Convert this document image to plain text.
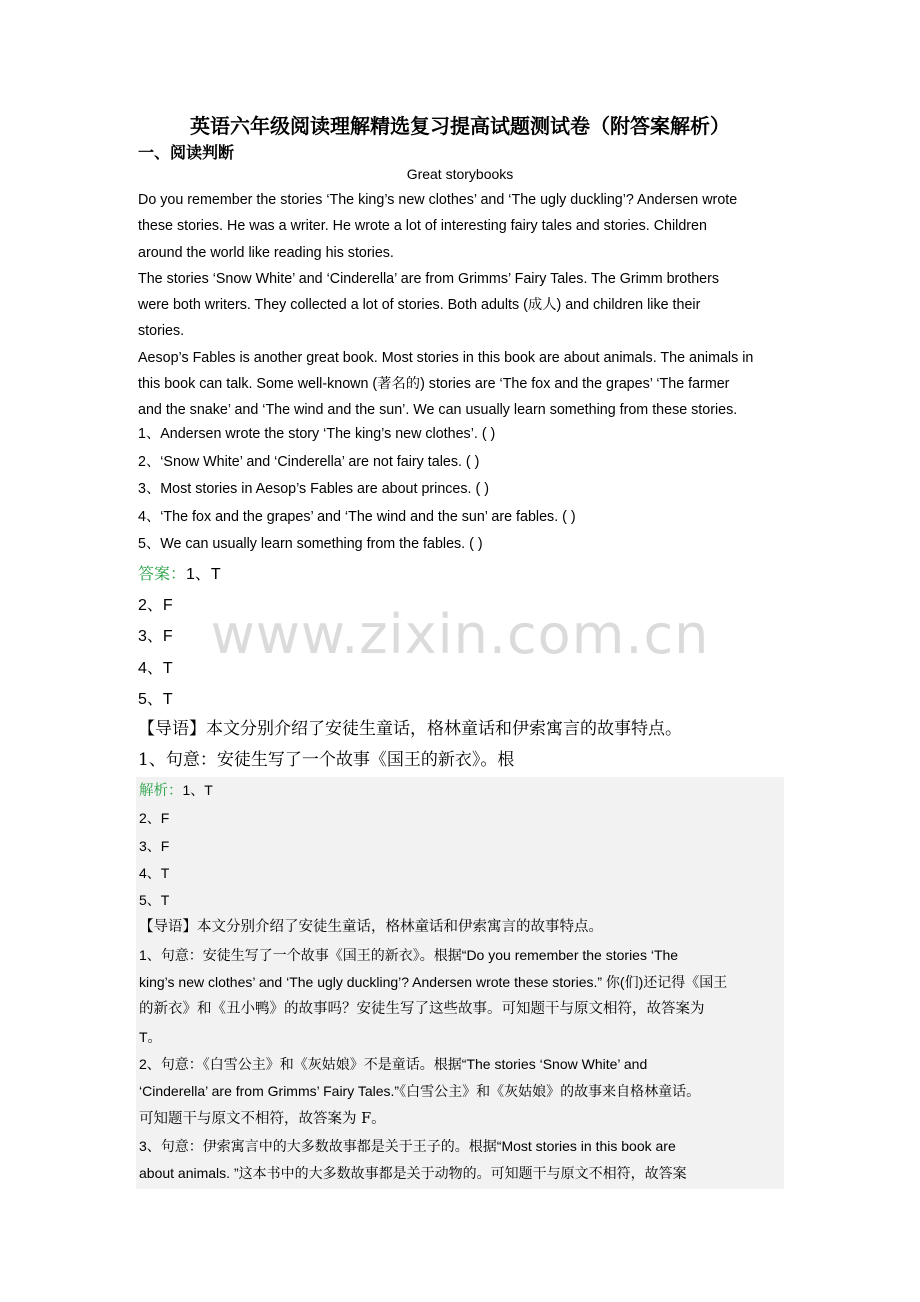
英语六年级阅读理解精选复习提高试题测试卷（附答案解析）
一、阅读判断
Great storybooks

Do you remember the stories ‘The king’s new clothes’ and ‘The ugly duckling’? Andersen wrote

these stories. He was a writer. He wrote a lot of interesting fairy tales and stories. Children

around the world like reading his stories.

The stories ‘Snow White’ and ‘Cinderella’ are from Grimms’ Fairy Tales. The Grimm brothers

were both writers. They collected a lot of stories. Both adults (成人) and children like their

stories.

Aesop’s Fables is another great book. Most stories in this book are about animals. The animals in

this book can talk. Some well-known (著名的) stories are ‘The fox and the grapes’ ‘The farmer

and the snake’ and ‘The wind and the sun’. We can usually learn something from these stories.

1、Andersen wrote the story ‘The king’s new clothes’. ( )

2、‘Snow White’ and ‘Cinderella’ are not fairy tales. ( )

3、Most stories in Aesop’s Fables are about princes. ( )

4、‘The fox and the grapes’ and ‘The wind and the sun’ are fables. ( )

5、We can usually learn something from the fables. ( )

www.zixin.com.cn

答案：1、T

2、F

3、F

4、T

5、T

【导语】本文分别介绍了安徒生童话，格林童话和伊索寓言的故事特点。

1、句意：安徒生写了一个故事《国王的新衣》。根

解析：1、T

2、F

3、F

4、T

5、T

【导语】本文分别介绍了安徒生童话，格林童话和伊索寓言的故事特点。

1、句意：安徒生写了一个故事《国王的新衣》。根据“Do you remember the stories ‘The

king’s new clothes’ and ‘The ugly duckling’? Andersen wrote these stories.” 你(们)还记得《国王

的新衣》和《丑小鸭》的故事吗？安徒生写了这些故事。可知题干与原文相符，故答案为

T。

2、句意：《白雪公主》和《灰姑娘》不是童话。根据“The stories ‘Snow White’ and

‘Cinderella’ are from Grimms’ Fairy Tales.”《白雪公主》和《灰姑娘》的故事来自格林童话。

可知题干与原文不相符，故答案为 F。

3、句意：伊索寓言中的大多数故事都是关于王子的。根据“Most stories in this book are

about animals. ”这本书中的大多数故事都是关于动物的。可知题干与原文不相符，故答案
